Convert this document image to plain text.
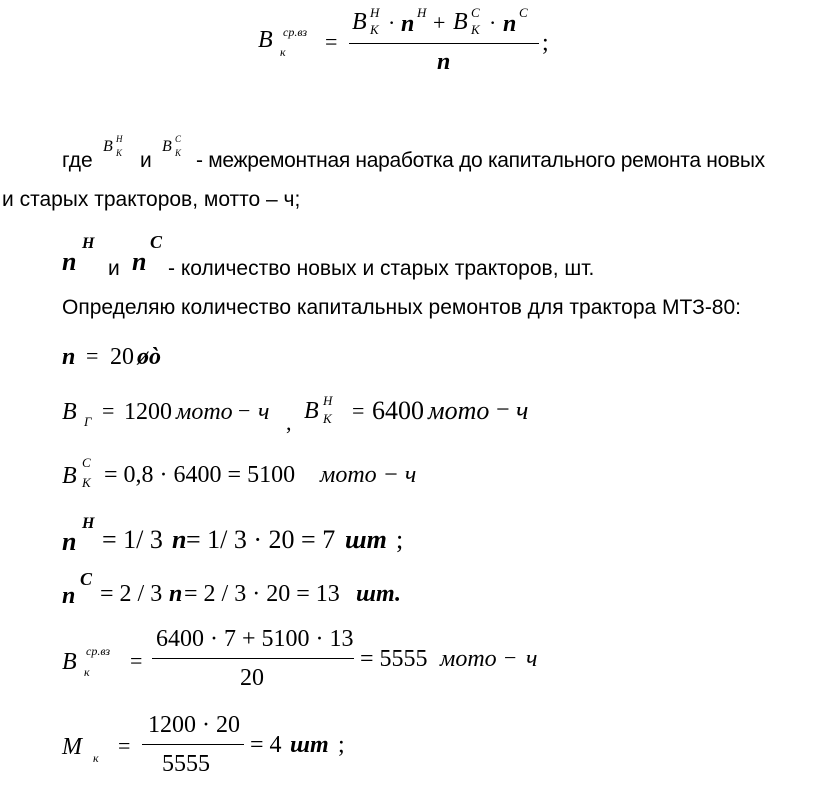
B ср.вз
к =
B Н
K · n Н + B C
K · n C
n
;
где
B Н
K и
B C
K - межремонтная наработка до капитального ремонта новых
и старых тракторов, мотто – ч;
n
Н
и n
С
- количество новых и старых тракторов, шт.
Определяю количество капитальных ремонтов для трактора МТЗ-80:
n = 20 øò
B Г = 1200 мото − ч , B Н
K = 6400 мото − ч
B
C
K = 0,8 · 6400 = 5100 мото − ч
n
Н
= 1/ 3 n = 1/ 3 · 20 = 7 шт ;
n
С
= 2 / 3 n = 2 / 3 · 20 = 13 шт.
B ср.вз
к =
6400 · 7 + 5100 · 13
20
= 5555 мото − ч
M к =
1200 · 20
5555
= 4 шт ;
